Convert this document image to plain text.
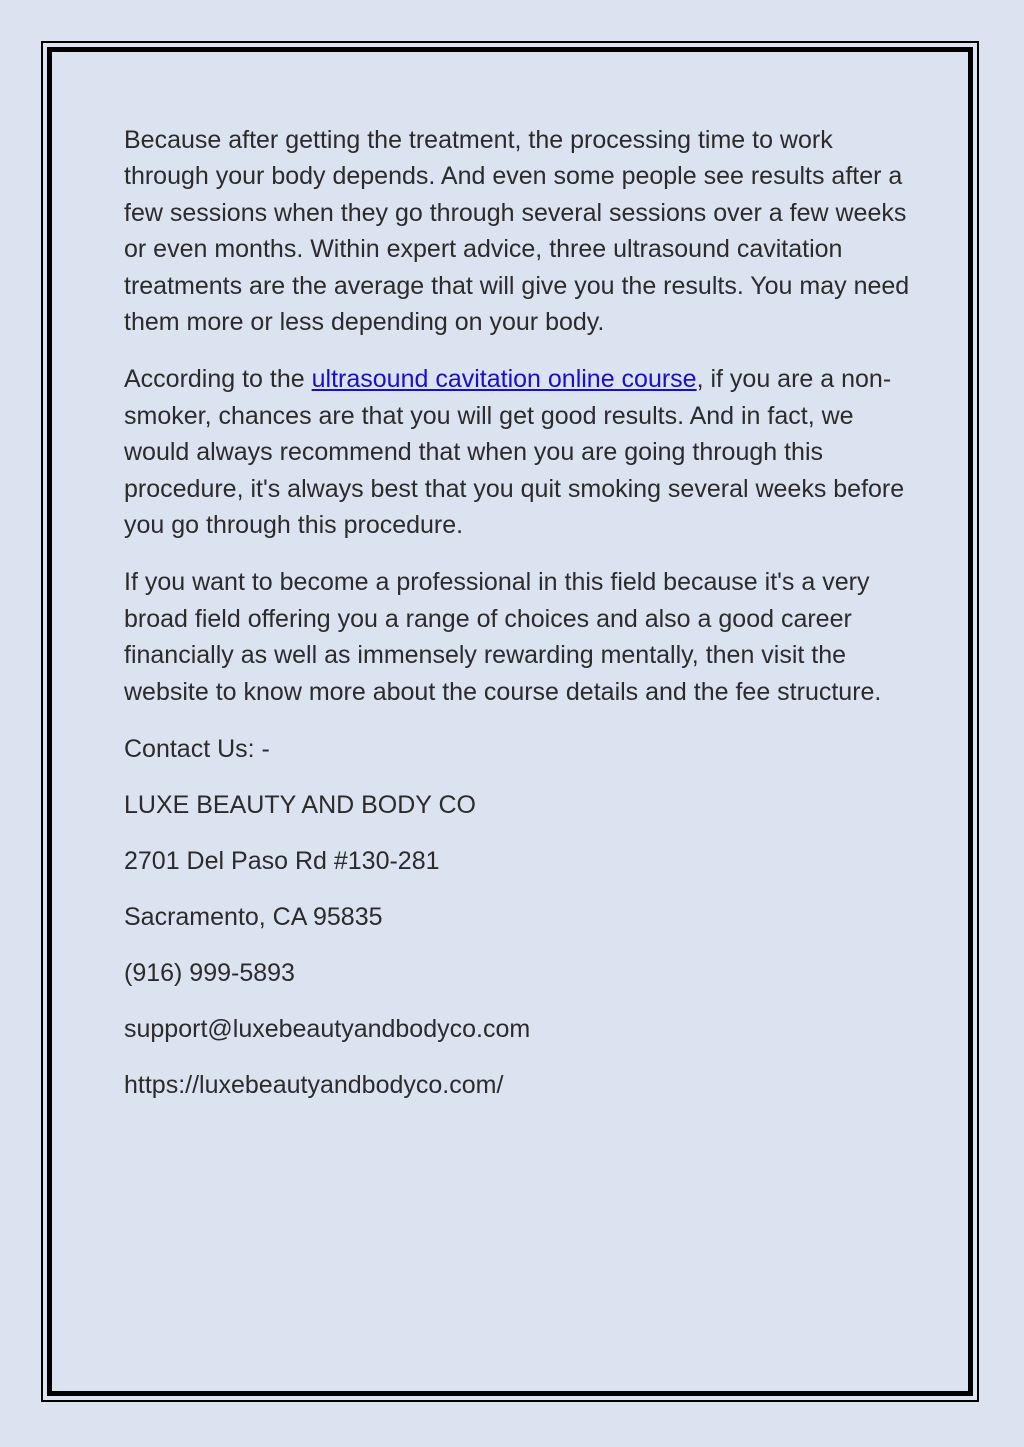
Because after getting the treatment, the processing time to work through your body depends. And even some people see results after a few sessions when they go through several sessions over a few weeks or even months. Within expert advice, three ultrasound cavitation treatments are the average that will give you the results. You may need them more or less depending on your body.

According to the ultrasound cavitation online course, if you are a non-smoker, chances are that you will get good results. And in fact, we would always recommend that when you are going through this procedure, it's always best that you quit smoking several weeks before you go through this procedure.

If you want to become a professional in this field because it's a very broad field offering you a range of choices and also a good career financially as well as immensely rewarding mentally, then visit the website to know more about the course details and the fee structure.

Contact Us: -

LUXE BEAUTY AND BODY CO

2701 Del Paso Rd #130-281

Sacramento, CA 95835

(916) 999-5893

support@luxebeautyandbodyco.com

https://luxebeautyandbodyco.com/
